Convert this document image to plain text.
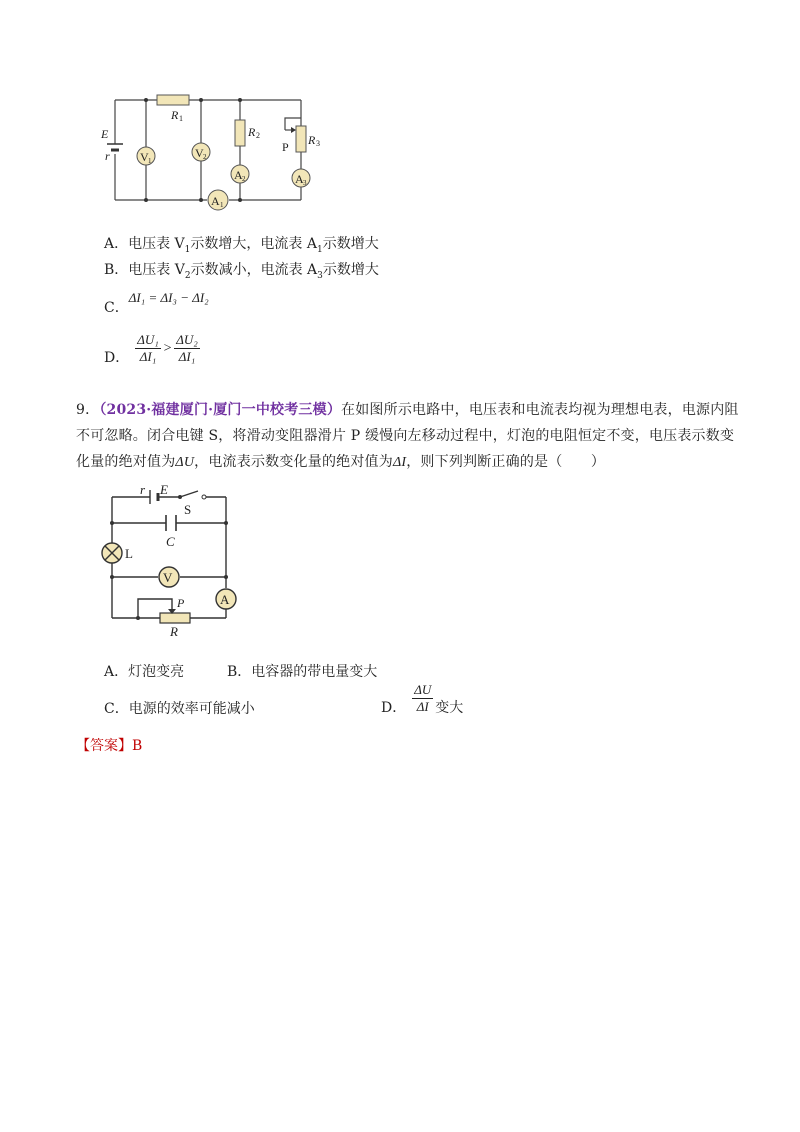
V 1
V 2
A 2	A 3
A 1
E
r
R 1
R 2	R 3
P
A．电压表 $V_1$示数增大，电流表 $A_1$示数增大
B．电压表 $V_2$示数减小，电流表 $A_3$示数增大
C．ΔI₁ = ΔI₃ − ΔI₂
D． $\frac{\text{ΔU₁}}{\text{ΔI₁}} > \frac{\text{ΔU₂}}{\text{ΔI₁}}$
9．（2023·福建厦门·厦门一中校考三模）在如图所示电路中，电压表和电流表均视为理想电表，电源内阻
不可忽略。闭合电键 S，将滑动变阻器滑片 P 缓慢向左移动过程中，灯泡的电阻恒定不变，电压表示数变
化量的绝对值为ΔU，电流表示数变化量的绝对值为ΔI，则下列判断正确的是（　　）
V
A
r E
S
C
L
P
R
A．灯泡变亮	B．电容器的带电量变大
C．电源的效率可能减小	D． $\frac{\Delta U}{\Delta I}$ 变大
【答案】B
